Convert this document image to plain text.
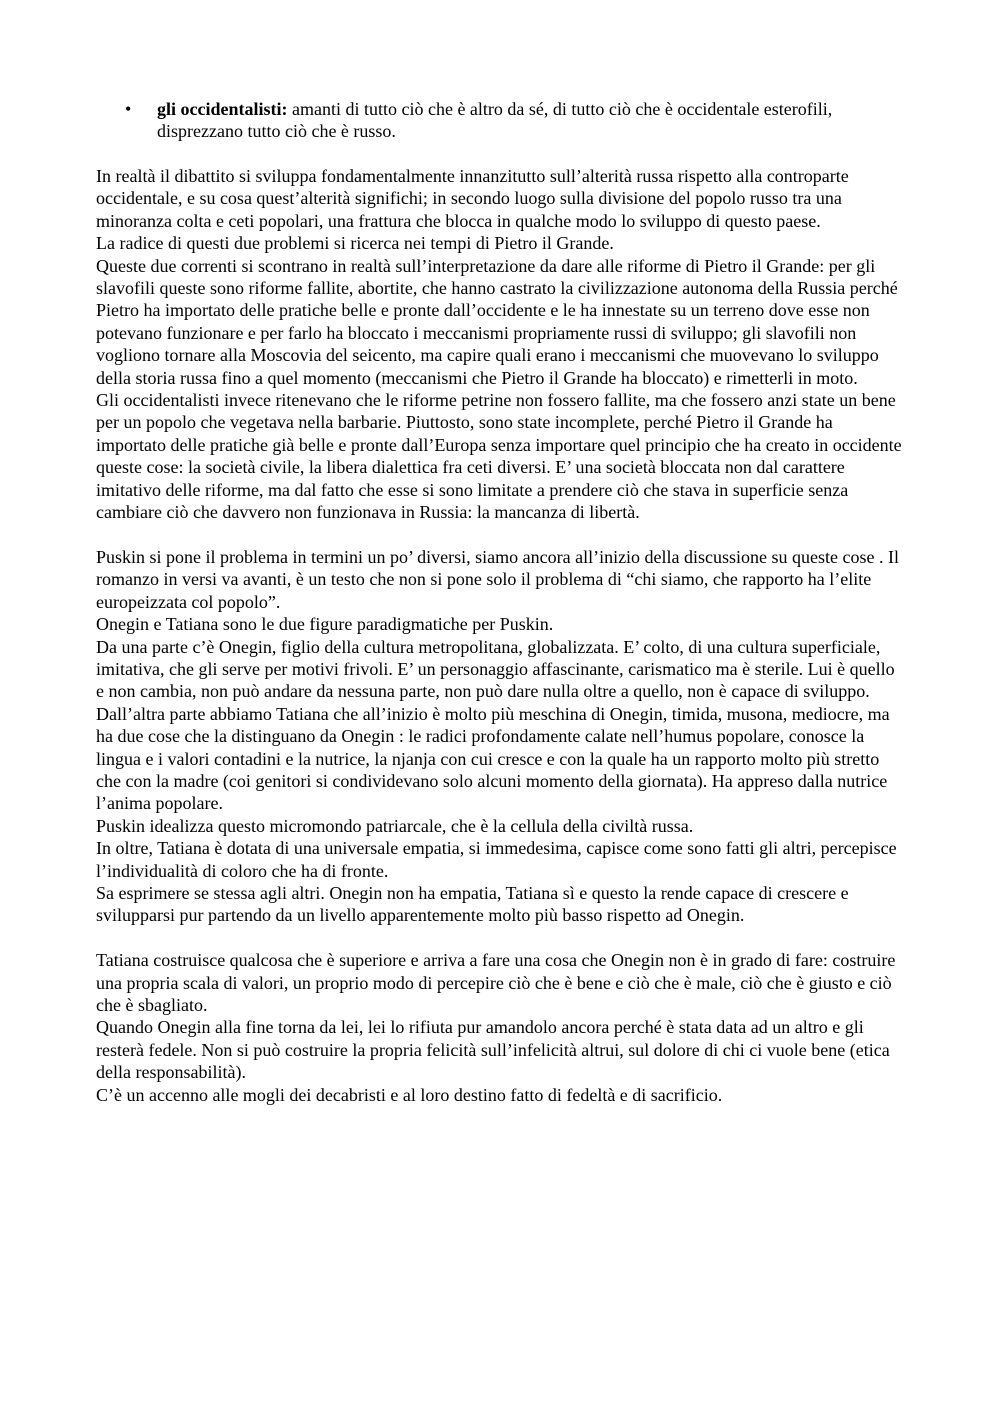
•	gli occidentalisti: amanti di tutto ciò che è altro da sé, di tutto ciò che è occidentale esterofili, disprezzano tutto ciò che è russo.

In realtà il dibattito si sviluppa fondamentalmente innanzitutto sull’alterità russa rispetto alla controparte occidentale, e su cosa quest’alterità significhi; in secondo luogo sulla divisione del popolo russo tra una minoranza colta e ceti popolari, una frattura che blocca in qualche modo lo sviluppo di questo paese.

La radice di questi due problemi si ricerca nei tempi di Pietro il Grande.

Queste due correnti si scontrano in realtà sull’interpretazione da dare alle riforme di Pietro il Grande: per gli slavofili queste sono riforme fallite, abortite, che hanno castrato la civilizzazione autonoma della Russia perché Pietro ha importato delle pratiche belle e pronte dall’occidente e le ha innestate su un terreno dove esse non potevano funzionare e per farlo ha bloccato i meccanismi propriamente russi di sviluppo; gli slavofili non vogliono tornare alla Moscovia del seicento, ma capire quali erano i meccanismi che muovevano lo sviluppo della storia russa fino a quel momento (meccanismi che Pietro il Grande ha bloccato) e rimetterli in moto.

Gli occidentalisti invece ritenevano che le riforme petrine non fossero fallite, ma che fossero anzi state un bene per un popolo che vegetava nella barbarie. Piuttosto, sono state incomplete, perché Pietro il Grande ha importato delle pratiche già belle e pronte dall’Europa senza importare quel principio che ha creato in occidente queste cose: la società civile, la libera dialettica fra ceti diversi. E’ una società bloccata non dal carattere imitativo delle riforme, ma dal fatto che esse si sono limitate a prendere ciò che stava in superficie senza cambiare ciò che davvero non funzionava in Russia: la mancanza di libertà.

Puskin si pone il problema in termini un po’ diversi, siamo ancora all’inizio della discussione su queste cose . Il romanzo in versi va avanti, è un testo che non si pone solo il problema di “chi siamo, che rapporto ha l’elite europeizzata col popolo”.

Onegin e Tatiana sono le due figure paradigmatiche per Puskin.

Da una parte c’è Onegin, figlio della cultura metropolitana, globalizzata. E’ colto, di una cultura superficiale, imitativa, che gli serve per motivi frivoli. E’ un personaggio affascinante, carismatico ma è sterile. Lui è quello e non cambia, non può andare da nessuna parte, non può dare nulla oltre a quello, non è capace di sviluppo.

Dall’altra parte abbiamo Tatiana che all’inizio è molto più meschina di Onegin, timida, musona, mediocre, ma ha due cose che la distinguano da Onegin : le radici profondamente calate nell’humus popolare, conosce la lingua e i valori contadini e la nutrice, la njanja con cui cresce e con la quale ha un rapporto molto più stretto che con la madre (coi genitori si condividevano solo alcuni momento della giornata). Ha appreso dalla nutrice l’anima popolare.

Puskin idealizza questo micromondo patriarcale, che è la cellula della civiltà russa.

In oltre, Tatiana è dotata di una universale empatia, si immedesima, capisce come sono fatti gli altri, percepisce l’individualità di coloro che ha di fronte.

Sa esprimere se stessa agli altri. Onegin non ha empatia, Tatiana sì e questo la rende capace di crescere e svilupparsi pur partendo da un livello apparentemente molto più basso rispetto ad Onegin.

Tatiana costruisce qualcosa che è superiore e arriva a fare una cosa che Onegin non è in grado di fare: costruire una propria scala di valori, un proprio modo di percepire ciò che è bene e ciò che è male, ciò che è giusto e ciò che è sbagliato.

Quando Onegin alla fine torna da lei, lei lo rifiuta pur amandolo ancora perché è stata data ad un altro e gli resterà fedele. Non si può costruire la propria felicità sull’infelicità altrui, sul dolore di chi ci vuole bene (etica della responsabilità).

C’è un accenno alle mogli dei decabristi e al loro destino fatto di fedeltà e di sacrificio.
